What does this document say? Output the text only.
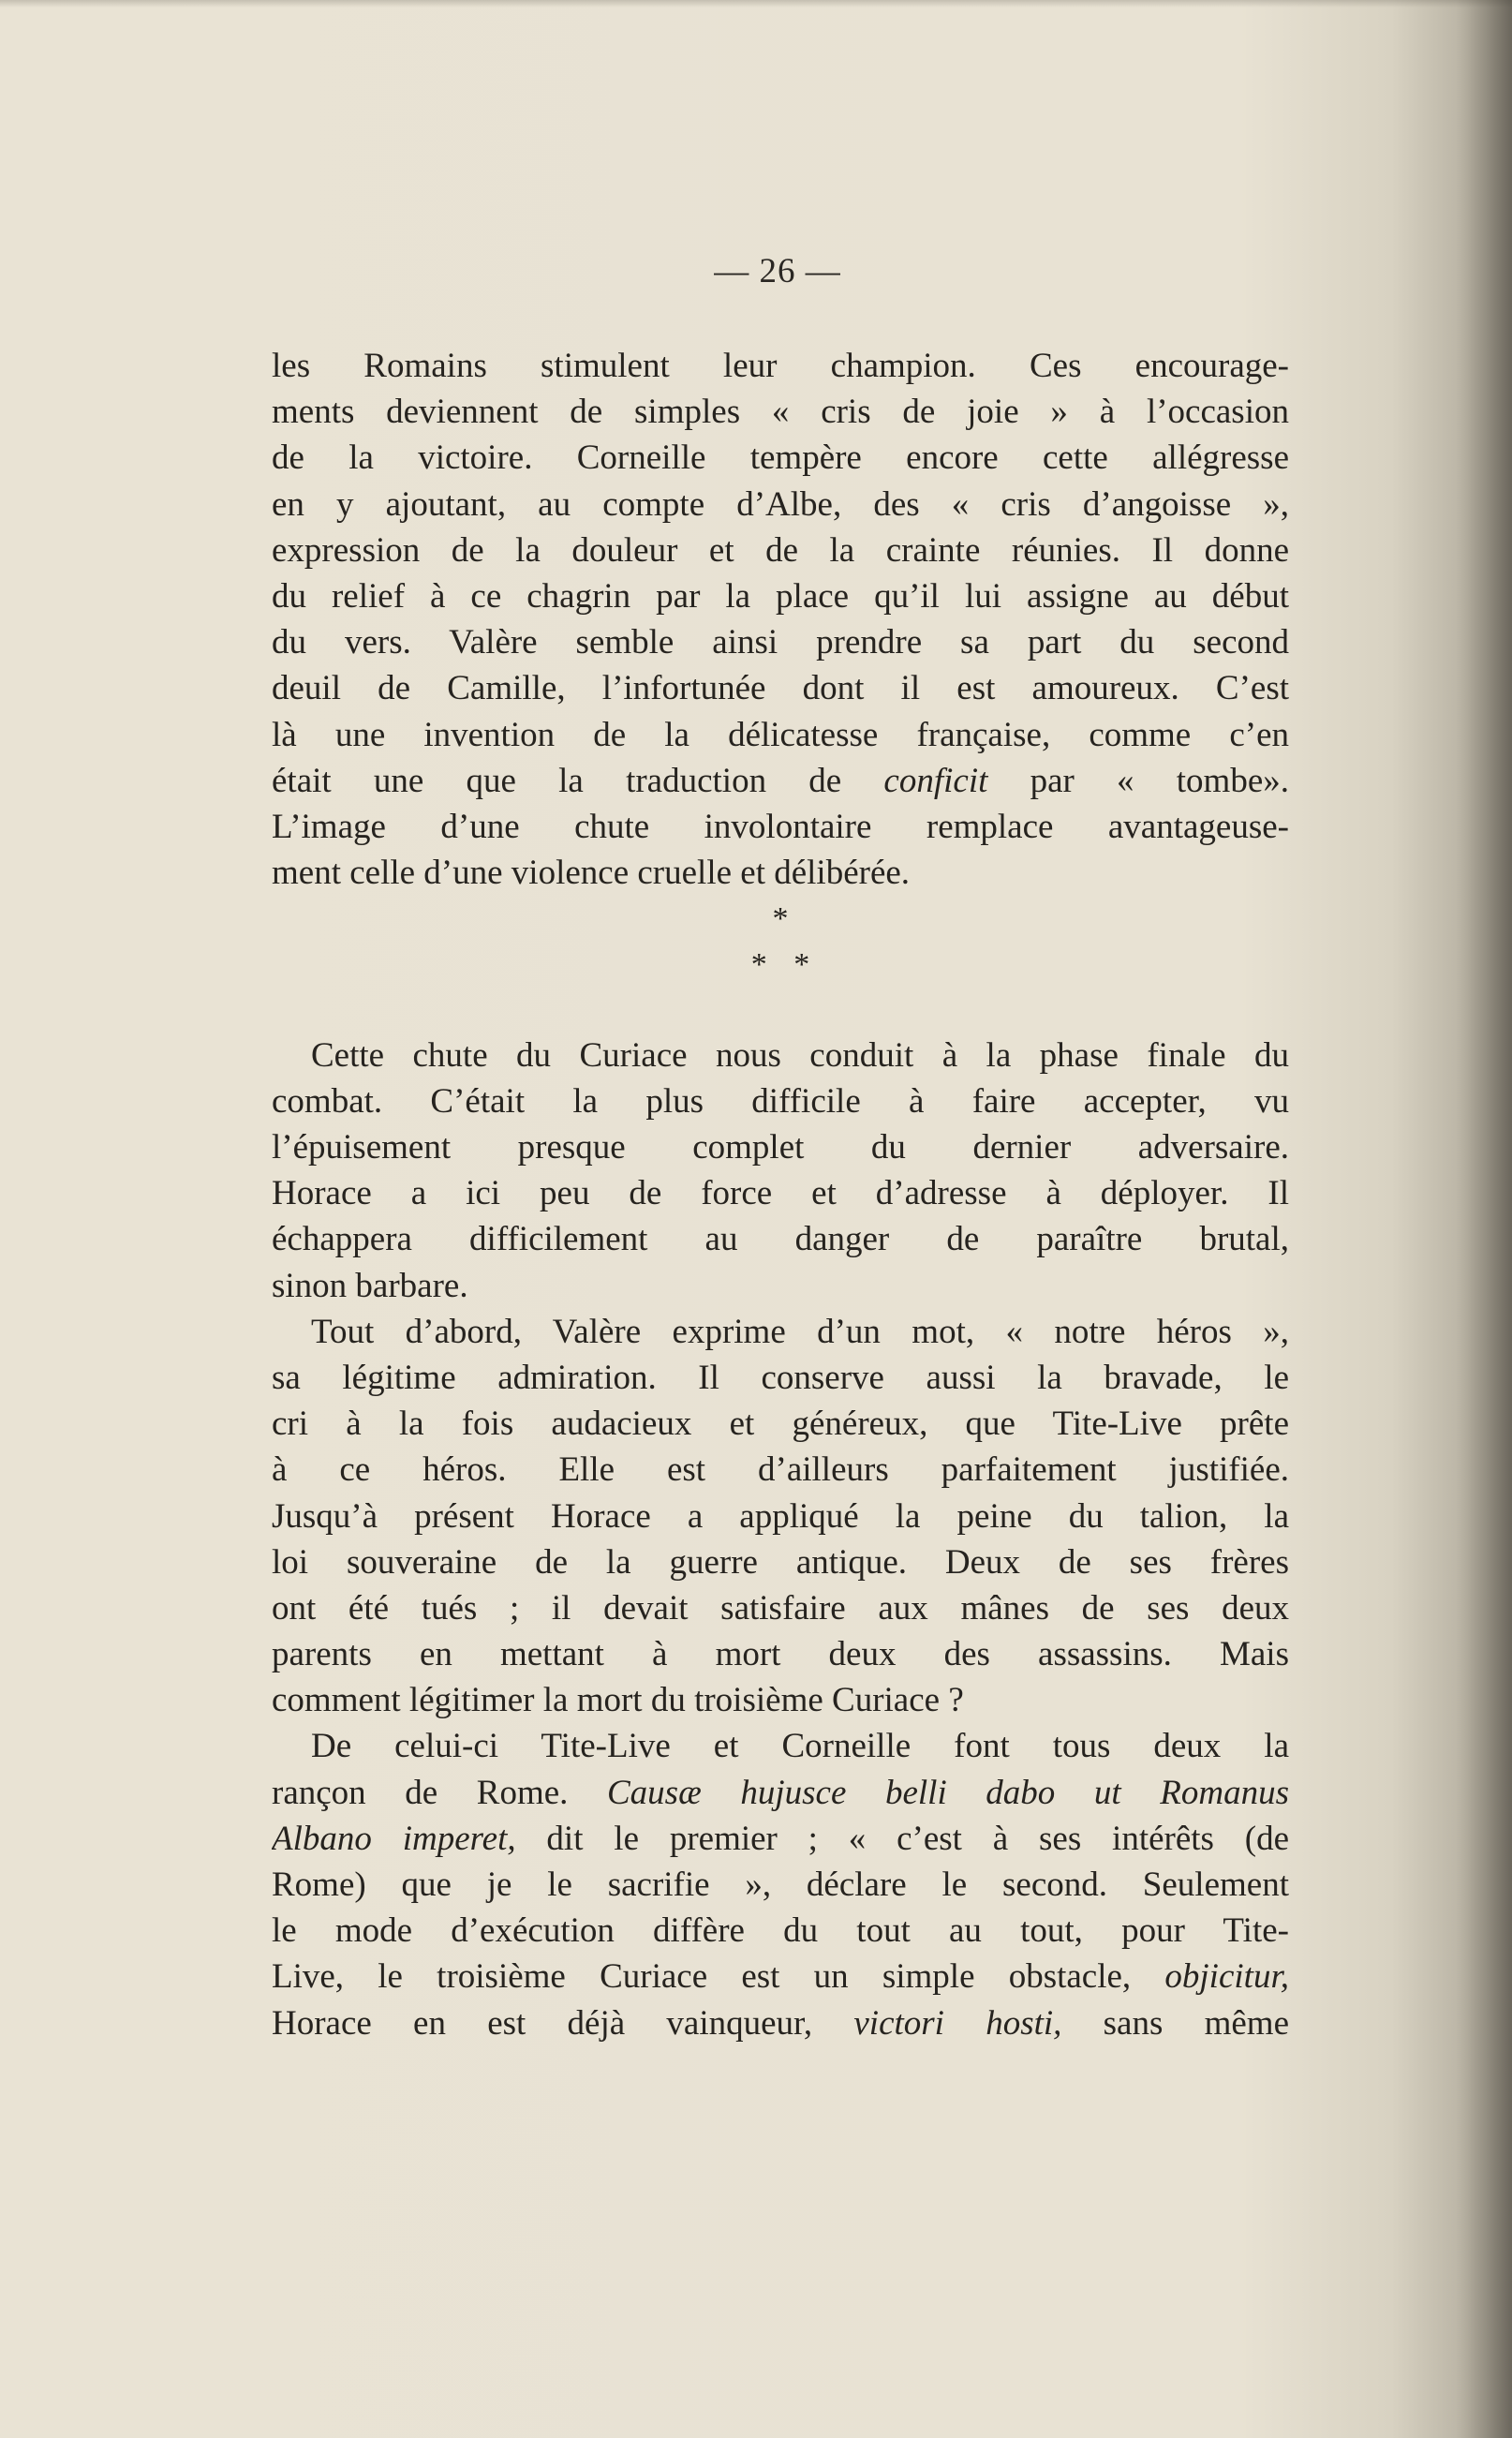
— 26 —
les Romains stimulent leur champion. Ces encourage-
ments deviennent de simples « cris de joie » à l’occasion
de la victoire. Corneille tempère encore cette allégresse
en y ajoutant, au compte d’Albe, des « cris d’angoisse »,
expression de la douleur et de la crainte réunies. Il donne
du relief à ce chagrin par la place qu’il lui assigne au début
du vers. Valère semble ainsi prendre sa part du second
deuil de Camille, l’infortunée dont il est amoureux. C’est
là une invention de la délicatesse française, comme c’en
était une que la traduction de conficit par « tombe».
L’image d’une chute involontaire remplace avantageuse-
ment celle d’une violence cruelle et délibérée.
*
* *
Cette chute du Curiace nous conduit à la phase finale du
combat. C’était la plus difficile à faire accepter, vu
l’épuisement presque complet du dernier adversaire.
Horace a ici peu de force et d’adresse à déployer. Il
échappera difficilement au danger de paraître brutal,
sinon barbare.
Tout d’abord, Valère exprime d’un mot, « notre héros »,
sa légitime admiration. Il conserve aussi la bravade, le
cri à la fois audacieux et généreux, que Tite-Live prête
à ce héros. Elle est d’ailleurs parfaitement justifiée.
Jusqu’à présent Horace a appliqué la peine du talion, la
loi souveraine de la guerre antique. Deux de ses frères
ont été tués ; il devait satisfaire aux mânes de ses deux
parents en mettant à mort deux des assassins. Mais
comment légitimer la mort du troisième Curiace ?
De celui-ci Tite-Live et Corneille font tous deux la
rançon de Rome. Causæ hujusce belli dabo ut Romanus
Albano imperet, dit le premier ; « c’est à ses intérêts (de
Rome) que je le sacrifie », déclare le second. Seulement
le mode d’exécution diffère du tout au tout, pour Tite-
Live, le troisième Curiace est un simple obstacle, objicitur,
Horace en est déjà vainqueur, victori hosti, sans même
